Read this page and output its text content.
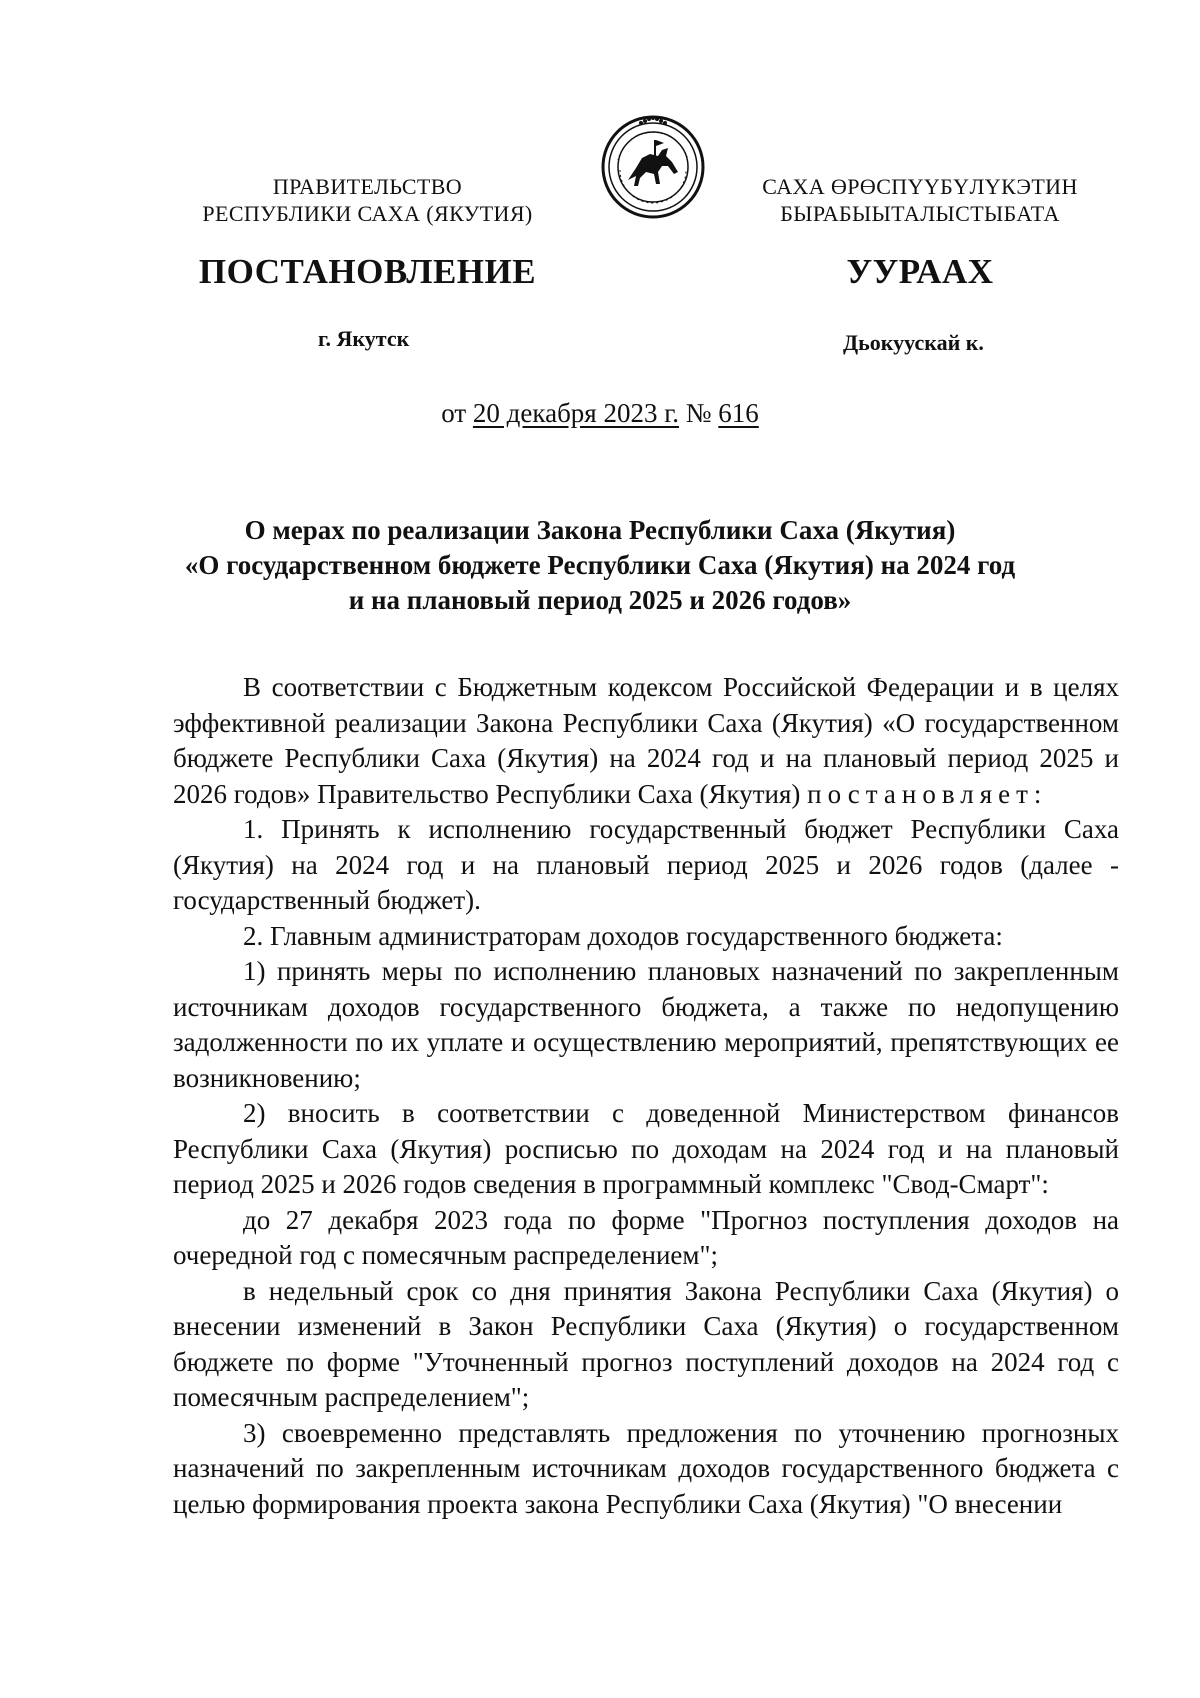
ПРАВИТЕЛЬСТВО
РЕСПУБЛИКИ САХА (ЯКУТИЯ)
САХА ӨРӨСПҮҮБҮЛҮКЭТИН
БЫРАБЫЫТАЛЫСТЫБАТА
ПОСТАНОВЛЕНИЕ	УУРААХ
г. Якутск	Дьокуускай к.
от 20 декабря 2023 г. № 616
О мерах по реализации Закона Республики Саха (Якутия)
«О государственном бюджете Республики Саха (Якутия) на 2024 год
и на плановый период 2025 и 2026 годов»

В соответствии с Бюджетным кодексом Российской Федерации и в целях эффективной реализации Закона Республики Саха (Якутия) «О государственном бюджете Республики Саха (Якутия) на 2024 год и на плановый период 2025 и 2026 годов» Правительство Республики Саха (Якутия) постановляет:

1. Принять к исполнению государственный бюджет Республики Саха (Якутия) на 2024 год и на плановый период 2025 и 2026 годов (далее - государственный бюджет).

2. Главным администраторам доходов государственного бюджета:

1) принять меры по исполнению плановых назначений по закрепленным источникам доходов государственного бюджета, а также по недопущению задолженности по их уплате и осуществлению мероприятий, препятствующих ее возникновению;

2) вносить в соответствии с доведенной Министерством финансов Республики Саха (Якутия) росписью по доходам на 2024 год и на плановый период 2025 и 2026 годов сведения в программный комплекс "Свод-Смарт":

до 27 декабря 2023 года по форме "Прогноз поступления доходов на очередной год с помесячным распределением";

в недельный срок со дня принятия Закона Республики Саха (Якутия) о внесении изменений в Закон Республики Саха (Якутия) о государственном бюджете по форме "Уточненный прогноз поступлений доходов на 2024 год с помесячным распределением";

3) своевременно представлять предложения по уточнению прогнозных назначений по закрепленным источникам доходов государственного бюджета с целью формирования проекта закона Республики Саха (Якутия) "О внесении
